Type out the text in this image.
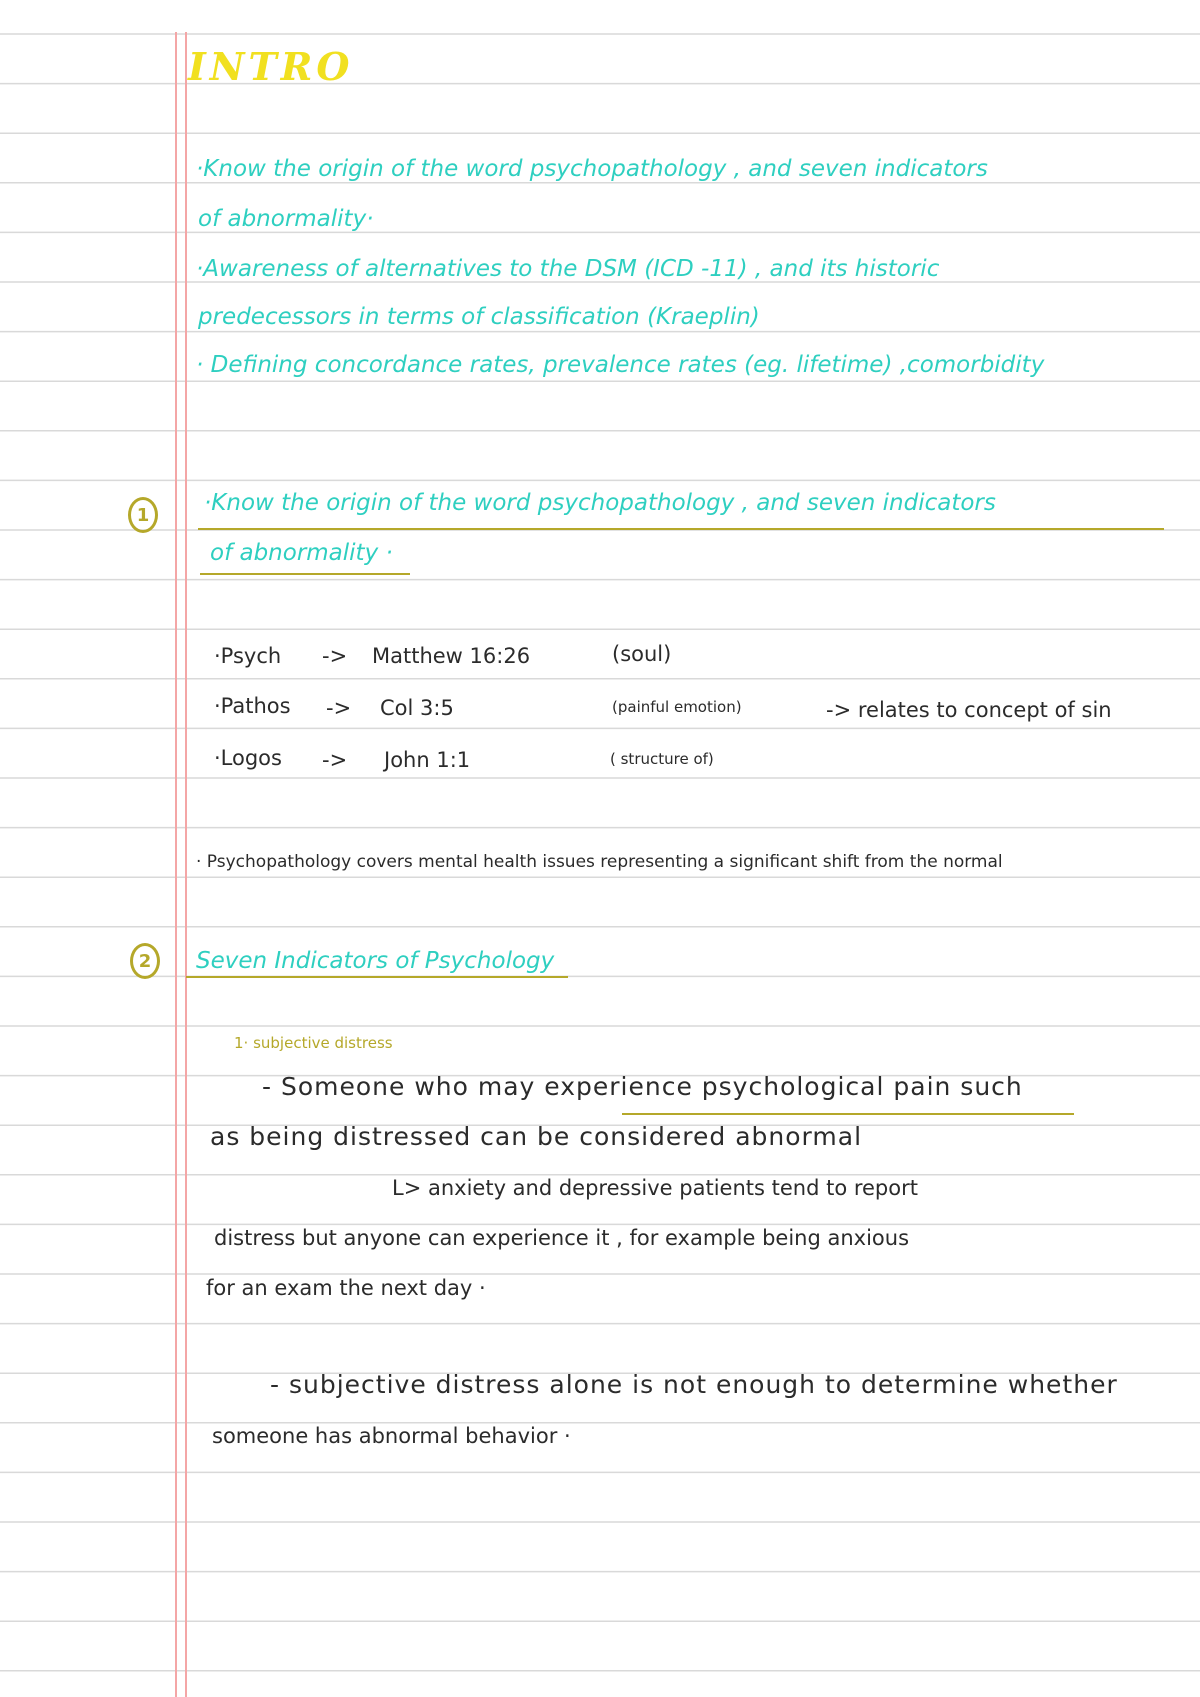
INTRO
·Know the origin of the word psychopathology , and seven indicators
of abnormality·
·Awareness of alternatives to the DSM (ICD -11) , and its historic
predecessors in terms of classification (Kraeplin)
· Defining concordance rates, prevalence rates (eg. lifetime) ,comorbidity
1	·Know the origin of the word psychopathology , and seven indicators
of abnormality ·
·Psych -> Matthew 16:26	(soul)
·Pathos -> Col 3:5	(painful emotion)	-> relates to concept of sin
·Logos -> John 1:1	( structure of)
· Psychopathology covers mental health issues representing a significant shift from the normal
2	Seven Indicators of Psychology
1· subjective distress
- Someone who may experience psychological pain such
as being distressed can be considered abnormal
L> anxiety and depressive patients tend to report
distress but anyone can experience it , for example being anxious
for an exam the next day ·
- subjective distress alone is not enough to determine whether
someone has abnormal behavior ·
